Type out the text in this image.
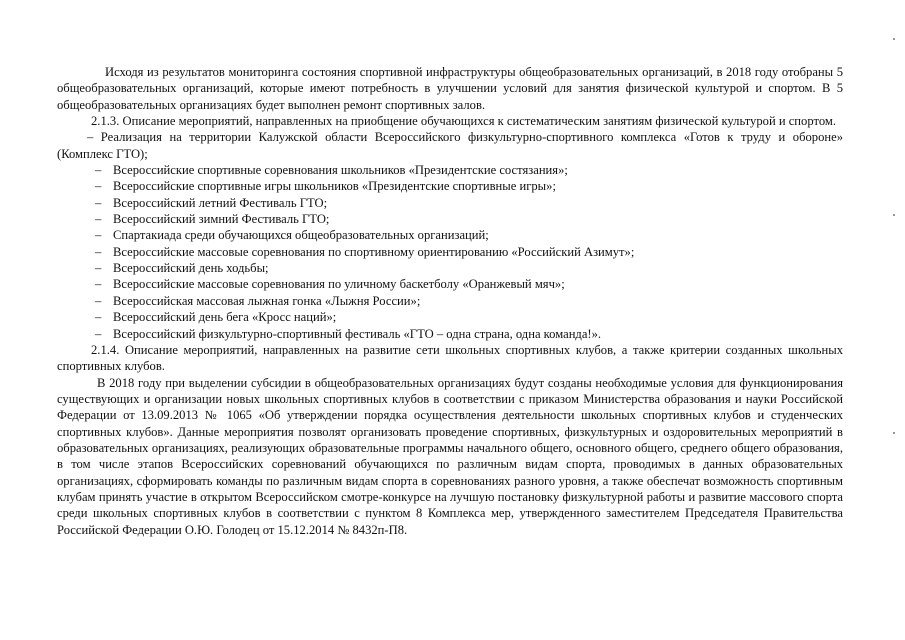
Исходя из результатов мониторинга состояния спортивной инфраструктуры общеобразовательных организаций, в 2018 году отобраны 5 общеобразовательных организаций, которые имеют потребность в улучшении условий для занятия физической культурой и спортом. В 5 общеобразовательных организациях будет выполнен ремонт спортивных залов.

2.1.3. Описание мероприятий, направленных на приобщение обучающихся к систематическим занятиям физической культурой и спортом.

– Реализация на территории Калужской области Всероссийского физкультурно-спортивного комплекса «Готов к труду и обороне» (Комплекс ГТО);

– Всероссийские спортивные соревнования школьников «Президентские состязания»;
– Всероссийские спортивные игры школьников «Президентские спортивные игры»;
– Всероссийский летний Фестиваль ГТО;
– Всероссийский зимний Фестиваль ГТО;
– Спартакиада среди обучающихся общеобразовательных организаций;
– Всероссийские массовые соревнования по спортивному ориентированию «Российский Азимут»;
– Всероссийский день ходьбы;
– Всероссийские массовые соревнования по уличному баскетболу «Оранжевый мяч»;
– Всероссийская массовая лыжная гонка «Лыжня России»;
– Всероссийский день бега «Кросс наций»;
– Всероссийский физкультурно-спортивный фестиваль «ГТО – одна страна, одна команда!».

2.1.4. Описание мероприятий, направленных на развитие сети школьных спортивных клубов, а также критерии созданных школьных спортивных клубов.

В 2018 году при выделении субсидии в общеобразовательных организациях будут созданы необходимые условия для функционирования существующих и организации новых школьных спортивных клубов в соответствии с приказом Министерства образования и науки Российской Федерации от 13.09.2013 № 1065 «Об утверждении порядка осуществления деятельности школьных спортивных клубов и студенческих спортивных клубов». Данные мероприятия позволят организовать проведение спортивных, физкультурных и оздоровительных мероприятий в образовательных организациях, реализующих образовательные программы начального общего, основного общего, среднего общего образования, в том числе этапов Всероссийских соревнований обучающихся по различным видам спорта, проводимых в данных образовательных организациях, сформировать команды по различным видам спорта в соревнованиях разного уровня, а также обеспечат возможность спортивным клубам принять участие в открытом Всероссийском смотре-конкурсе на лучшую постановку физкультурной работы и развитие массового спорта среди школьных спортивных клубов в соответствии с пунктом 8 Комплекса мер, утвержденного заместителем Председателя Правительства Российской Федерации О.Ю. Голодец от 15.12.2014 № 8432п-П8.
